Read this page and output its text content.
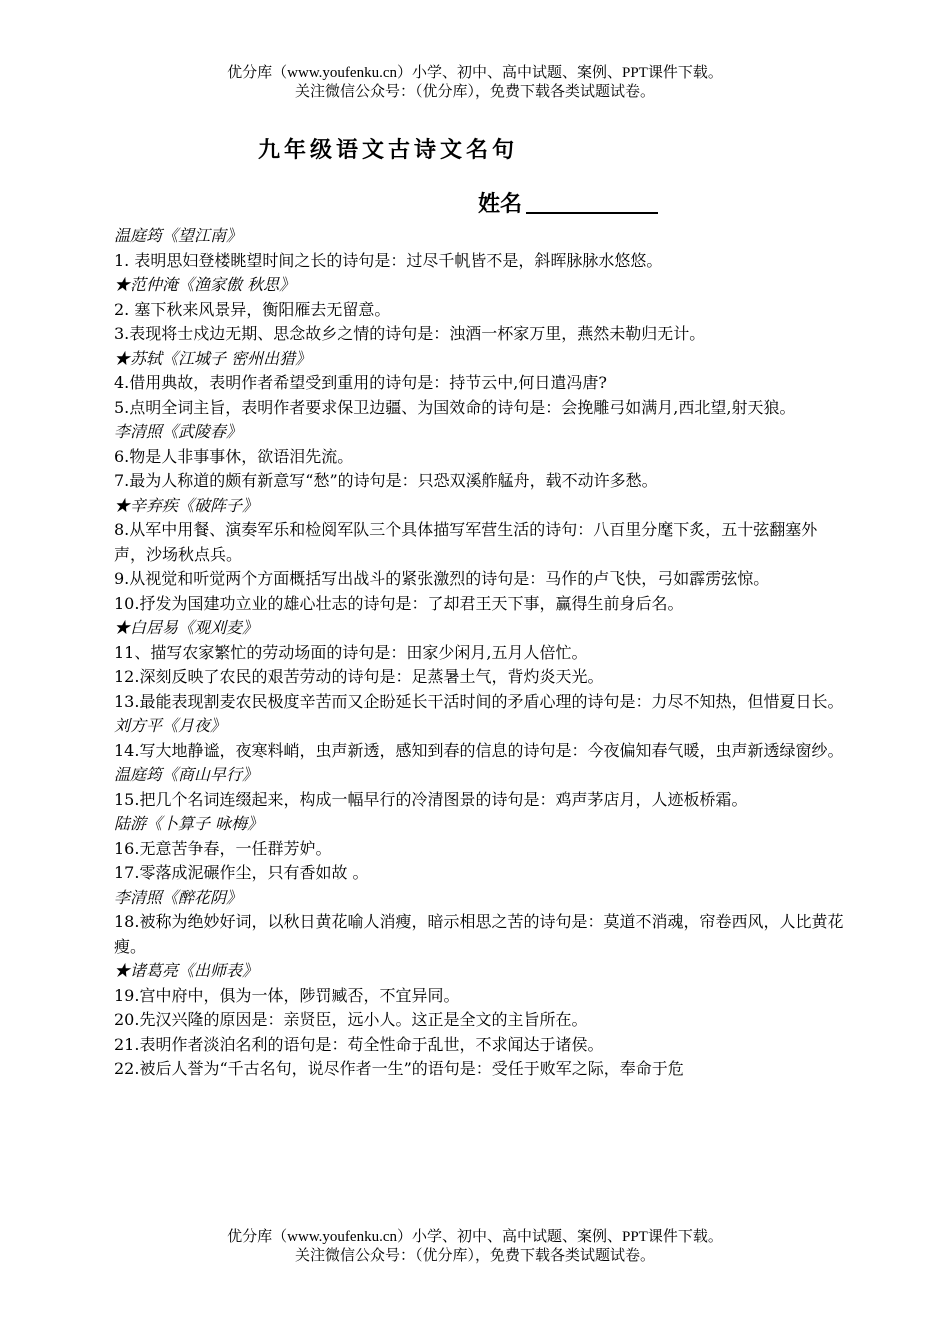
优分库（www.youfenku.cn）小学、初中、高中试题、案例、PPT课件下载。
关注微信公众号：（优分库），免费下载各类试题试卷。
九年级语文古诗文名句
姓名

温庭筠《望江南》

1. 表明思妇登楼眺望时间之长的诗句是：过尽千帆皆不是，斜晖脉脉水悠悠。

★范仲淹《渔家傲 秋思》

2. 塞下秋来风景异，衡阳雁去无留意。

3.表现将士戍边无期、思念故乡之情的诗句是：浊酒一杯家万里，燕然未勒归无计。

★苏轼《江城子 密州出猎》

4.借用典故，表明作者希望受到重用的诗句是：持节云中,何日遣冯唐?

5.点明全词主旨，表明作者要求保卫边疆、为国效命的诗句是：会挽雕弓如满月,西北望,射天狼。

李清照《武陵春》

6.物是人非事事休，欲语泪先流。

7.最为人称道的颇有新意写“愁”的诗句是：只恐双溪舴艋舟，载不动许多愁。

★辛弃疾《破阵子》

8.从军中用餐、演奏军乐和检阅军队三个具体描写军营生活的诗句：八百里分麾下炙，五十弦翻塞外声，沙场秋点兵。

9.从视觉和听觉两个方面概括写出战斗的紧张激烈的诗句是：马作的卢飞快，弓如霹雳弦惊。

10.抒发为国建功立业的雄心壮志的诗句是：了却君王天下事，赢得生前身后名。

★白居易《观刈麦》

11、描写农家繁忙的劳动场面的诗句是：田家少闲月,五月人倍忙。

12.深刻反映了农民的艰苦劳动的诗句是：足蒸暑土气，背灼炎天光。

13.最能表现割麦农民极度辛苦而又企盼延长干活时间的矛盾心理的诗句是：力尽不知热，但惜夏日长。

刘方平《月夜》

14.写大地静谧，夜寒料峭，虫声新透，感知到春的信息的诗句是：今夜偏知春气暖，虫声新透绿窗纱。

温庭筠《商山早行》

15.把几个名词连缀起来，构成一幅早行的冷清图景的诗句是：鸡声茅店月，人迹板桥霜。

陆游《卜算子 咏梅》

16.无意苦争春，一任群芳妒。

17.零落成泥碾作尘，只有香如故 。

李清照《醉花阴》

18.被称为绝妙好词，以秋日黄花喻人消瘦，暗示相思之苦的诗句是：莫道不消魂，帘卷西风，人比黄花瘦。

★诸葛亮《出师表》

19.宫中府中，俱为一体，陟罚臧否，不宜异同。

20.先汉兴隆的原因是：亲贤臣，远小人。这正是全文的主旨所在。

21.表明作者淡泊名利的语句是：苟全性命于乱世，不求闻达于诸侯。

22.被后人誉为“千古名句，说尽作者一生”的语句是：受任于败军之际，奉命于危

优分库（www.youfenku.cn）小学、初中、高中试题、案例、PPT课件下载。
关注微信公众号：（优分库），免费下载各类试题试卷。
